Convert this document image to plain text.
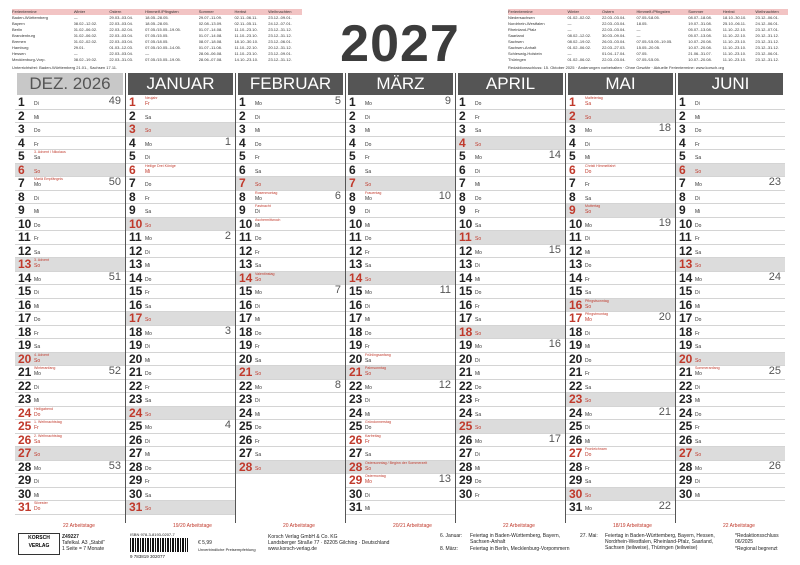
Ferientermine	Winter	Ostern	Himmelf./Pfingsten	Sommer	Herbst	Weihnachten
Baden-Württemberg	—	29.03.-03.04.	18.05.-28.05.	29.07.-11.09.	02.11.-06.11.	23.12.-09.01.
Bayern	08.02.-12.02.	22.03.-03.04.	18.05.-28.05.	02.08.-13.09.	02.11.-05.11.	24.12.-07.01.
Berlin	01.02.-06.02.	22.03.-02.04.	07.05./15.05.-19.05.	01.07.-14.08.	11.10.-23.10.	23.12.-31.12.
Brandenburg	01.02.-06.02.	22.03.-03.04.	07.05./15.05.	01.07.-14.08.	11.10.-23.10.	23.12.-31.12.
Bremen	01.02.-02.02.	22.03.-03.04.	07.05./18.05.	08.07.-18.08.	18.10.-30.10.	23.12.-06.01.
Hamburg	29.01.	01.03.-12.03.	07.05./10.05.-14.05.	01.07.-11.08.	11.10.-22.10.	20.12.-31.12.
Hessen	—	22.03.-03.04.	—	28.06.-06.08.	11.10.-23.10.	23.12.-09.01.
Mecklenburg-Vorp.	08.02.-19.02.	22.03.-31.03.	07.05./15.05.-19.05.	28.06.-07.08.	14.10.-23.10.	23.12.-31.12.
Unterrichtsfrei: Baden-Württemberg 21.01., Sachsen 17.11.	2027
Ferientermine	Winter	Ostern	Himmelf./Pfingsten	Sommer	Herbst	Weihnachten
Niedersachsen	01.02.-02.02.	22.03.-03.04.	07.05./18.05.	08.07.-18.08.	18.10.-30.10.	23.12.-06.01.
Nordrhein-Westfalen	—	22.03.-03.04.	18.05.	19.07.-31.08.	25.10.-06.11.	24.12.-06.01.
Rheinland-Pfalz	—	22.03.-03.04.	—	05.07.-13.08.	11.10.-22.10.	23.12.-07.01.
Saarland	08.02.-12.02.	30.03.-09.04.	—	05.07.-13.08.	11.10.-22.10.	20.12.-31.12.
Sachsen	08.02.-19.02.	26.03.-03.04.	07.05./15.05.-19.05.	10.07.-20.08.	11.10.-23.10.	23.12.-31.12.
Sachsen-Anhalt	01.02.-06.02.	22.03.-27.03.	15.05.-20.05.	10.07.-20.08.	11.10.-23.10.	23.12.-31.12.
Schleswig-Holstein	—	01.04.-17.04.	07.05.	21.06.-31.07.	11.10.-23.10.	23.12.-06.01.
Thüringen	01.02.-06.02.	22.03.-03.04.	07.05./15.05.	10.07.-20.08.	11.10.-23.10.	23.12.-31.12.
Redaktionsschluss: 15. Oktober 2025 · Änderungen vorbehalten · Ohne Gewähr · Aktuelle Ferientermine: www.korsch.org
DEZ. 2026
1 Di	49
2 Mi
3 Do
4 Fr
5 Sa
3. Advent / Nikolaus
6 So
7 Mo
Mariä Empfängnis	50
8 Di
9 Mi
10 Do
11 Fr
12 Sa
13 So
3. Advent
14 Mo	51
15 Di
16 Mi
17 Do
18 Fr
19 Sa
20 So
4. Advent
21 Mo
Winteranfang	52
22 Di
23 Mi
24 Do
Heiligabend
25 Fr
1. Weihnachtstag
26 Sa
2. Weihnachtstag
27 So
28 Mo	53
29 Di
30 Mi
31 Do
Silvester
JANUAR
1 Fr
Neujahr
2 Sa
3 So
4 Mo	1
5 Di
6 Mi
Heilige Drei Könige
7 Do
8 Fr
9 Sa
10 So
11 Mo	2
12 Di
13 Mi
14 Do
15 Fr
16 Sa
17 So
18 Mo	3
19 Di
20 Mi
21 Do
22 Fr
23 Sa
24 So
25 Mo	4
26 Di
27 Mi
28 Do
29 Fr
30 Sa
31 So
FEBRUAR
1 Mo	5
2 Di
3 Mi
4 Do
5 Fr
6 Sa
7 So
8 Mo
Rosenmontag	6
9 Di
Fastnacht
10 Mi
Aschermittwoch
11 Do
12 Fr
13 Sa
14 So
Valentinstag
15 Mo	7
16 Di
17 Mi
18 Do
19 Fr
20 Sa
21 So
22 Mo	8
23 Di
24 Mi
25 Do
26 Fr
27 Sa
28 So
MÄRZ
1 Mo	9
2 Di
3 Mi
4 Do
5 Fr
6 Sa
7 So
8 Mo
Frauentag	10
9 Di
10 Mi
11 Do
12 Fr
13 Sa
14 So
15 Mo	11
16 Di
17 Mi
18 Do
19 Fr
20 Sa
Frühlingsanfang
21 So
Palmsonntag
22 Mo	12
23 Di
24 Mi
25 Do
Gründonnerstag
26 Fr
Karfreitag
27 Sa
28 So
Ostersonntag / Beginn der Sommerzeit
29 Mo
Ostermontag	13
30 Di
31 Mi
APRIL
1 Do
2 Fr
3 Sa
4 So
5 Mo	14
6 Di
7 Mi
8 Do
9 Fr
10 Sa
11 So
12 Mo	15
13 Di
14 Mi
15 Do
16 Fr
17 Sa
18 So
19 Mo	16
20 Di
21 Mi
22 Do
23 Fr
24 Sa
25 So
26 Mo	17
27 Di
28 Mi
29 Do
30 Fr
MAI
1 Sa
Maifeiertag
2 So
3 Mo	18
4 Di
5 Mi
6 Do
Christi Himmelfahrt
7 Fr
8 Sa
9 So
Muttertag
10 Mo	19
11 Di
12 Mi
13 Do
14 Fr
15 Sa
16 So
Pfingstsonntag
17 Mo
Pfingstmontag	20
18 Di
19 Mi
20 Do
21 Fr
22 Sa
23 So
24 Mo	21
25 Di
26 Mi
27 Do
Fronleichnam
28 Fr
29 Sa
30 So
31 Mo	22
JUNI
1 Di
2 Mi
3 Do
4 Fr
5 Sa
6 So
7 Mo	23
8 Di
9 Mi
10 Do
11 Fr
12 Sa
13 So
14 Mo	24
15 Di
16 Mi
17 Do
18 Fr
19 Sa
20 So
21 Mo
Sommeranfang	25
22 Di
23 Mi
24 Do
25 Fr
26 Sa
27 So
28 Mo	26
29 Di
30 Mi
22 Arbeitstage	19/20 Arbeitstage	20 Arbeitstage	20/21 Arbeitstage	22 Arbeitstage	18/19 Arbeitstage	22 Arbeitstage
KORSCH VERLAG
Z49227
Tafelkal. A3 „Stabil“
1 Seite = 7 Monate
ISBN 978-3-8193-0207-7
9 783819 302077
€ 5,99
Unverbindliche Preisempfehlung
Korsch Verlag GmbH & Co. KG
Landsberger Straße 77 · 82205 Gilching · Deutschland
www.korsch-verlag.de
6. Januar: Feiertag in Baden-Württemberg, Bayern, Sachsen-Anhalt
8. März: Feiertag in Berlin, Mecklenburg-Vorpommern
27. Mai: Feiertag in Baden-Württemberg, Bayern, Hessen, Nordrhein-Westfalen, Rheinland-Pfalz, Saarland, Sachsen (teilweise), Thüringen (teilweise)
*Redaktionsschluss 06/2025
*Regional begrenzt
